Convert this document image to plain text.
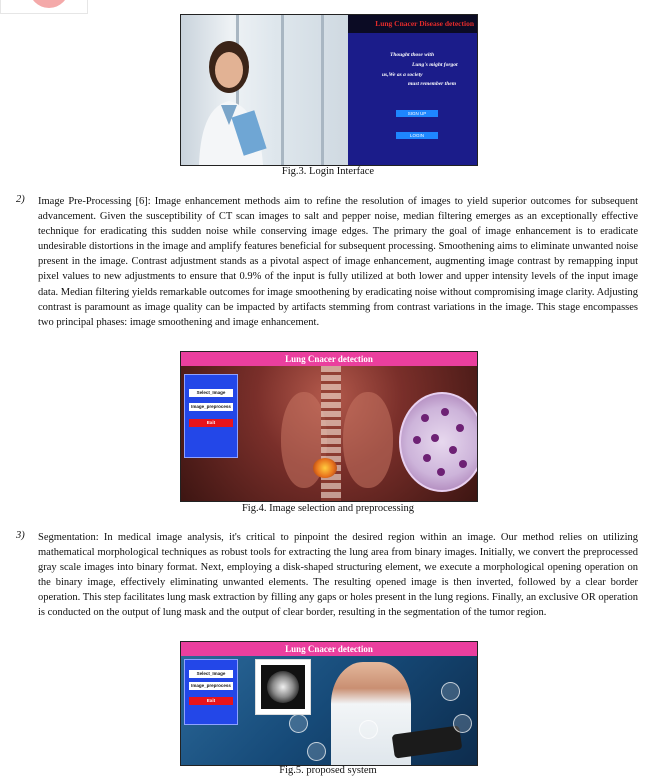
Lung Cnacer Disease detection
Thought those with
Lung's might forgot
us,We as a society
must remember them
SIGN UP
LOGIN
Fig.3. Login Interface
2) Image Pre-Processing [6]: Image enhancement methods aim to refine the resolution of images to yield superior outcomes for subsequent advancement. Given the susceptibility of CT scan images to salt and pepper noise, median filtering emerges as an exceptionally effective technique for eradicating this sudden noise while conserving image edges. The primary the goal of image enhancement is to eradicate undesirable distortions in the image and amplify features beneficial for subsequent processing. Smoothening aims to eliminate unwanted noise present in the image. Contrast adjustment stands as a pivotal aspect of image enhancement, augmenting image contrast by remapping input pixel values to new adjustments to ensure that 0.9% of the input is fully utilized at both lower and upper intensity levels of the input image data. Median filtering yields remarkable outcomes for image smoothening by eradicating noise without compromising image clarity. Adjusting contrast is paramount as image quality can be impacted by artifacts stemming from contrast variations in the image. This stage encompasses two principal phases: image smoothening and image enhancement.
Lung Cnacer detection
Select_Image
Image_preprocess
Exit
Fig.4. Image selection and preprocessing
3) Segmentation: In medical image analysis, it's critical to pinpoint the desired region within an image. Our method relies on utilizing mathematical morphological techniques as robust tools for extracting the lung area from binary images. Initially, we convert the preprocessed gray scale images into binary format. Next, employing a disk-shaped structuring element, we execute a morphological opening operation on the binary image, effectively eliminating unwanted elements. The resulting opened image is then inverted, followed by a clear border operation. This step facilitates lung mask extraction by filling any gaps or holes present in the lung regions. Finally, an exclusive OR operation is conducted on the output of lung mask and the output of clear border, resulting in the segmentation of the tumor region.
Lung Cnacer detection
Select_Image
Image_preprocess
Exit
Fig.5. proposed system
